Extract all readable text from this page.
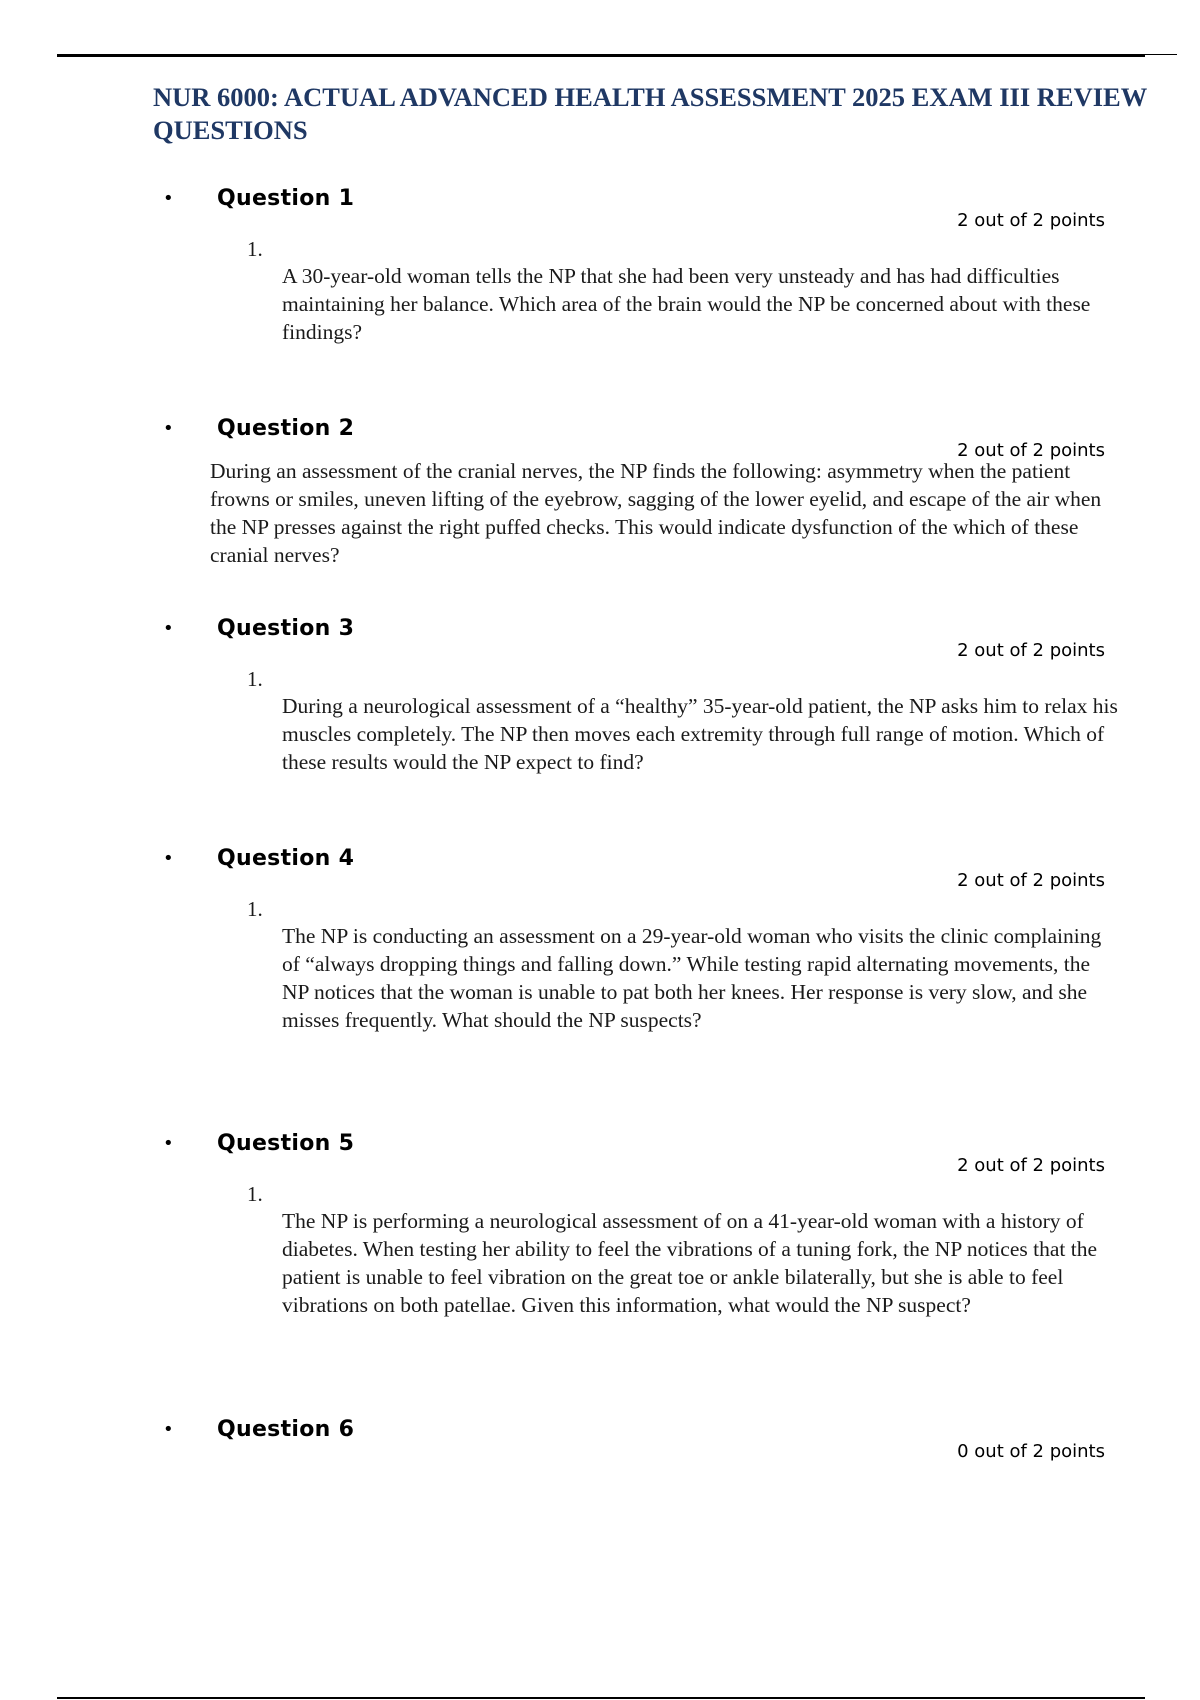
NUR 6000: ACTUAL ADVANCED HEALTH ASSESSMENT 2025 EXAM III REVIEW
QUESTIONS
• Question 1
2 out of 2 points
1.

A 30-year-old woman tells the NP that she had been very unsteady and has had difficulties maintaining her balance. Which area of the brain would the NP be concerned about with these findings?

• Question 2
2 out of 2 points

During an assessment of the cranial nerves, the NP finds the following: asymmetry when the patient frowns or smiles, uneven lifting of the eyebrow, sagging of the lower eyelid, and escape of the air when the NP presses against the right puffed checks. This would indicate dysfunction of the which of these cranial nerves?

• Question 3
2 out of 2 points
1.

During a neurological assessment of a “healthy” 35-year-old patient, the NP asks him to relax his muscles completely. The NP then moves each extremity through full range of motion. Which of these results would the NP expect to find?

• Question 4
2 out of 2 points
1.

The NP is conducting an assessment on a 29-year-old woman who visits the clinic complaining of “always dropping things and falling down.” While testing rapid alternating movements, the NP notices that the woman is unable to pat both her knees. Her response is very slow, and she misses frequently. What should the NP suspects?

• Question 5
2 out of 2 points
1.

The NP is performing a neurological assessment of on a 41-year-old woman with a history of diabetes. When testing her ability to feel the vibrations of a tuning fork, the NP notices that the patient is unable to feel vibration on the great toe or ankle bilaterally, but she is able to feel vibrations on both patellae. Given this information, what would the NP suspect?

• Question 6
0 out of 2 points
